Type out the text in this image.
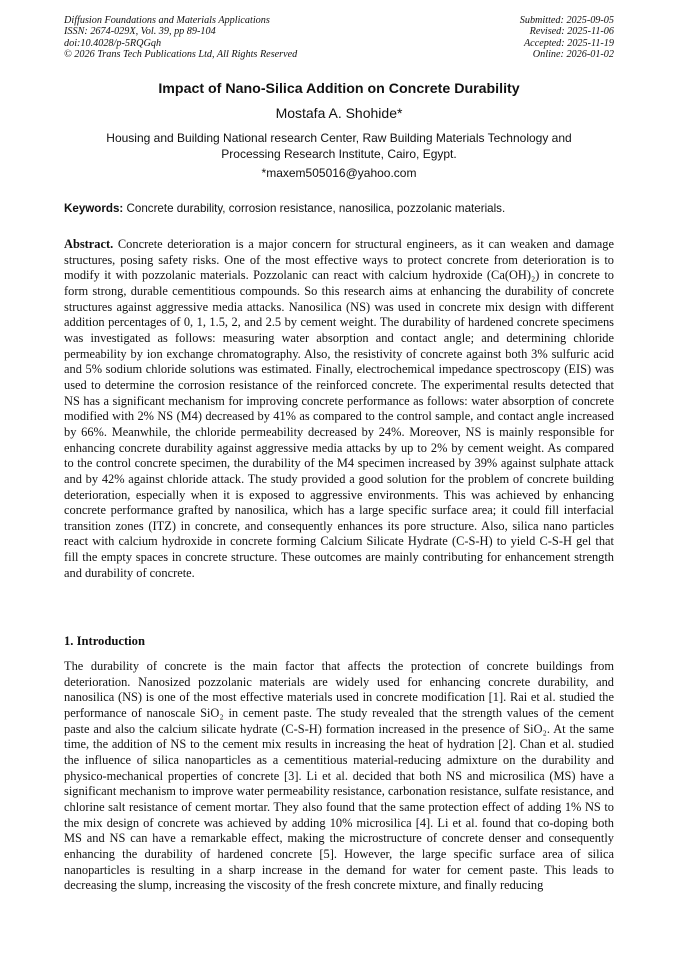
Diffusion Foundations and Materials Applications
ISSN: 2674-029X, Vol. 39, pp 89-104
doi:10.4028/p-5RQGqh
© 2026 Trans Tech Publications Ltd, All Rights Reserved
Submitted: 2025-09-05
Revised: 2025-11-06
Accepted: 2025-11-19
Online: 2026-01-02
Impact of Nano-Silica Addition on Concrete Durability
Mostafa A. Shohide*
Housing and Building National research Center, Raw Building Materials Technology and Processing Research Institute, Cairo, Egypt.
*maxem505016@yahoo.com
Keywords: Concrete durability, corrosion resistance, nanosilica, pozzolanic materials.
Abstract. Concrete deterioration is a major concern for structural engineers, as it can weaken and damage structures, posing safety risks. One of the most effective ways to protect concrete from deterioration is to modify it with pozzolanic materials. Pozzolanic can react with calcium hydroxide (Ca(OH)₂) in concrete to form strong, durable cementitious compounds. So this research aims at enhancing the durability of concrete structures against aggressive media attacks. Nanosilica (NS) was used in concrete mix design with different addition percentages of 0, 1, 1.5, 2, and 2.5 by cement weight. The durability of hardened concrete specimens was investigated as follows: measuring water absorption and contact angle; and determining chloride permeability by ion exchange chromatography. Also, the resistivity of concrete against both 3% sulfuric acid and 5% sodium chloride solutions was estimated. Finally, electrochemical impedance spectroscopy (EIS) was used to determine the corrosion resistance of the reinforced concrete. The experimental results detected that NS has a significant mechanism for improving concrete performance as follows: water absorption of concrete modified with 2% NS (M4) decreased by 41% as compared to the control sample, and contact angle increased by 66%. Meanwhile, the chloride permeability decreased by 24%. Moreover, NS is mainly responsible for enhancing concrete durability against aggressive media attacks by up to 2% by cement weight. As compared to the control concrete specimen, the durability of the M4 specimen increased by 39% against sulphate attack and by 42% against chloride attack. The study provided a good solution for the problem of concrete building deterioration, especially when it is exposed to aggressive environments. This was achieved by enhancing concrete performance grafted by nanosilica, which has a large specific surface area; it could fill interfacial transition zones (ITZ) in concrete, and consequently enhances its pore structure. Also, silica nano particles react with calcium hydroxide in concrete forming Calcium Silicate Hydrate (C-S-H) to yield C-S-H gel that fill the empty spaces in concrete structure. These outcomes are mainly contributing for enhancement strength and durability of concrete.
1. Introduction
The durability of concrete is the main factor that affects the protection of concrete buildings from deterioration. Nanosized pozzolanic materials are widely used for enhancing concrete durability, and nanosilica (NS) is one of the most effective materials used in concrete modification [1]. Rai et al. studied the performance of nanoscale SiO₂ in cement paste. The study revealed that the strength values of the cement paste and also the calcium silicate hydrate (C-S-H) formation increased in the presence of SiO₂. At the same time, the addition of NS to the cement mix results in increasing the heat of hydration [2]. Chan et al. studied the influence of silica nanoparticles as a cementitious material-reducing admixture on the durability and physico-mechanical properties of concrete [3]. Li et al. decided that both NS and microsilica (MS) have a significant mechanism to improve water permeability resistance, carbonation resistance, sulfate resistance, and chlorine salt resistance of cement mortar. They also found that the same protection effect of adding 1% NS to the mix design of concrete was achieved by adding 10% microsilica [4]. Li et al. found that co-doping both MS and NS can have a remarkable effect, making the microstructure of concrete denser and consequently enhancing the durability of hardened concrete [5]. However, the large specific surface area of silica nanoparticles is resulting in a sharp increase in the demand for water for cement paste. This leads to decreasing the slump, increasing the viscosity of the fresh concrete mixture, and finally reducing
